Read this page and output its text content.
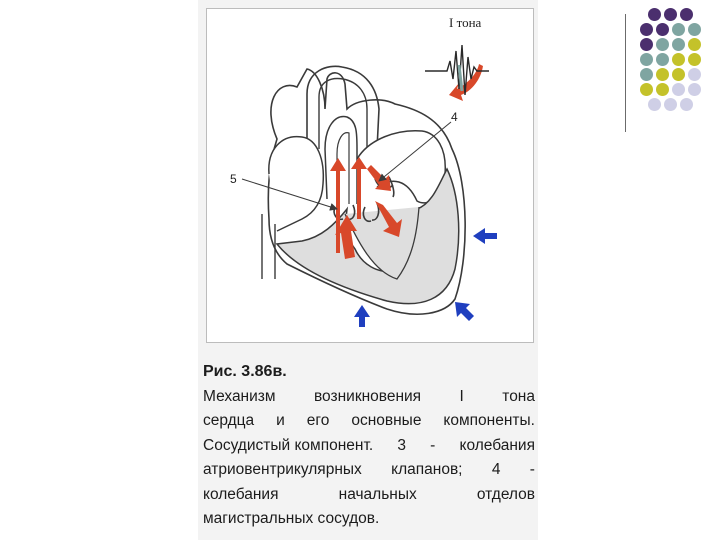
I тона
5
4
Рис. 3.86в.
Механизм возникновения I тона
сердца и его основные компоненты.
Сосудистый компонент. 3 - колебания
атриовентрикулярных клапанов; 4 -
колебания	начальных	отделов
магистральных сосудов.
